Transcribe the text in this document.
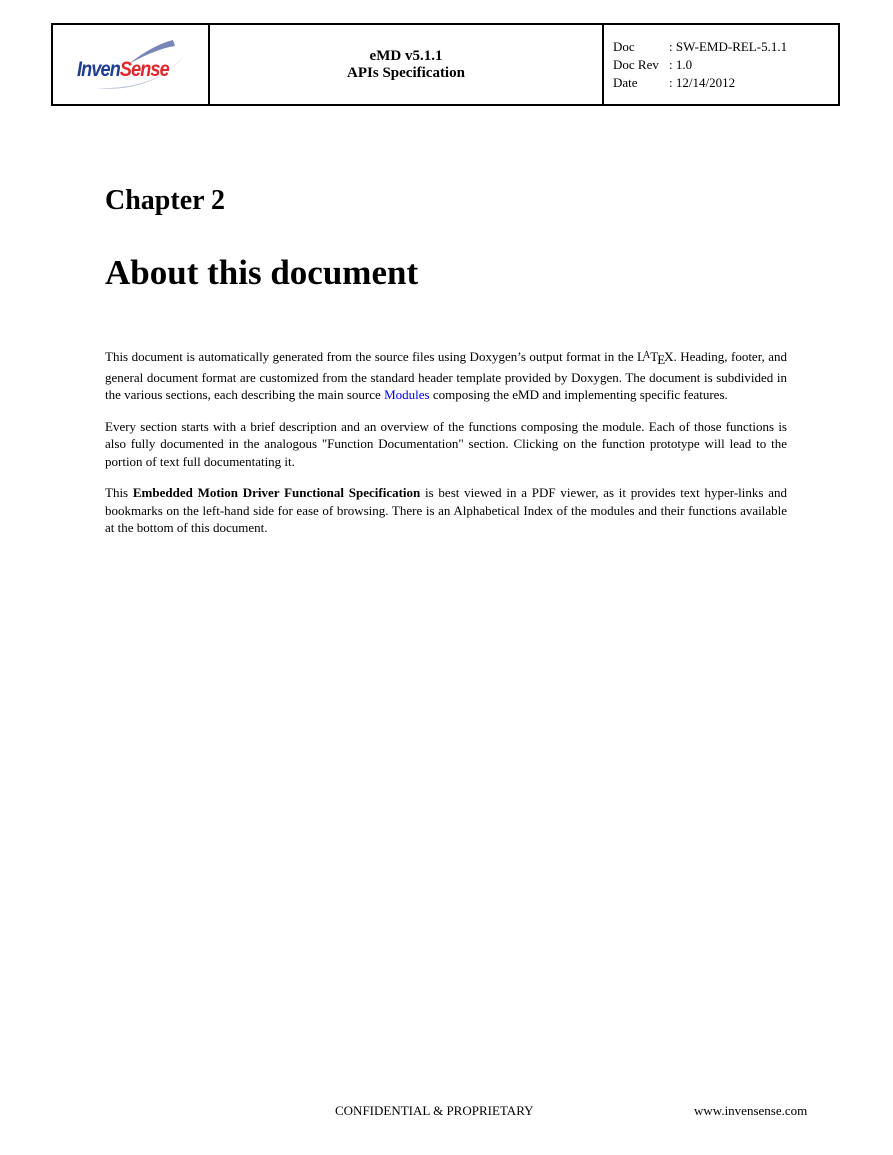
InvenSense

eMD v5.1.1
APIs Specification

Doc	: SW-EMD-REL-5.1.1
Doc Rev : 1.0
Date : 12/14/2012
Chapter 2
About this document

This document is automatically generated from the source files using Doxygen’s output format in the $L^ATEX$. Heading, footer, and general document format are customized from the standard header template provided by Doxygen. The document is subdivided in the various sections, each describing the main source Modules composing the eMD and implementing specific features.

Every section starts with a brief description and an overview of the functions composing the module. Each of those functions is also fully documented in the analogous "Function Documentation" section. Clicking on the function prototype will lead to the portion of text full documentating it.

This Embedded Motion Driver Functional Specification is best viewed in a PDF viewer, as it provides text hyper-links and bookmarks on the left-hand side for ease of browsing. There is an Alphabetical Index of the modules and their functions available at the bottom of this document.

CONFIDENTIAL & PROPRIETARY	www.invensense.com
